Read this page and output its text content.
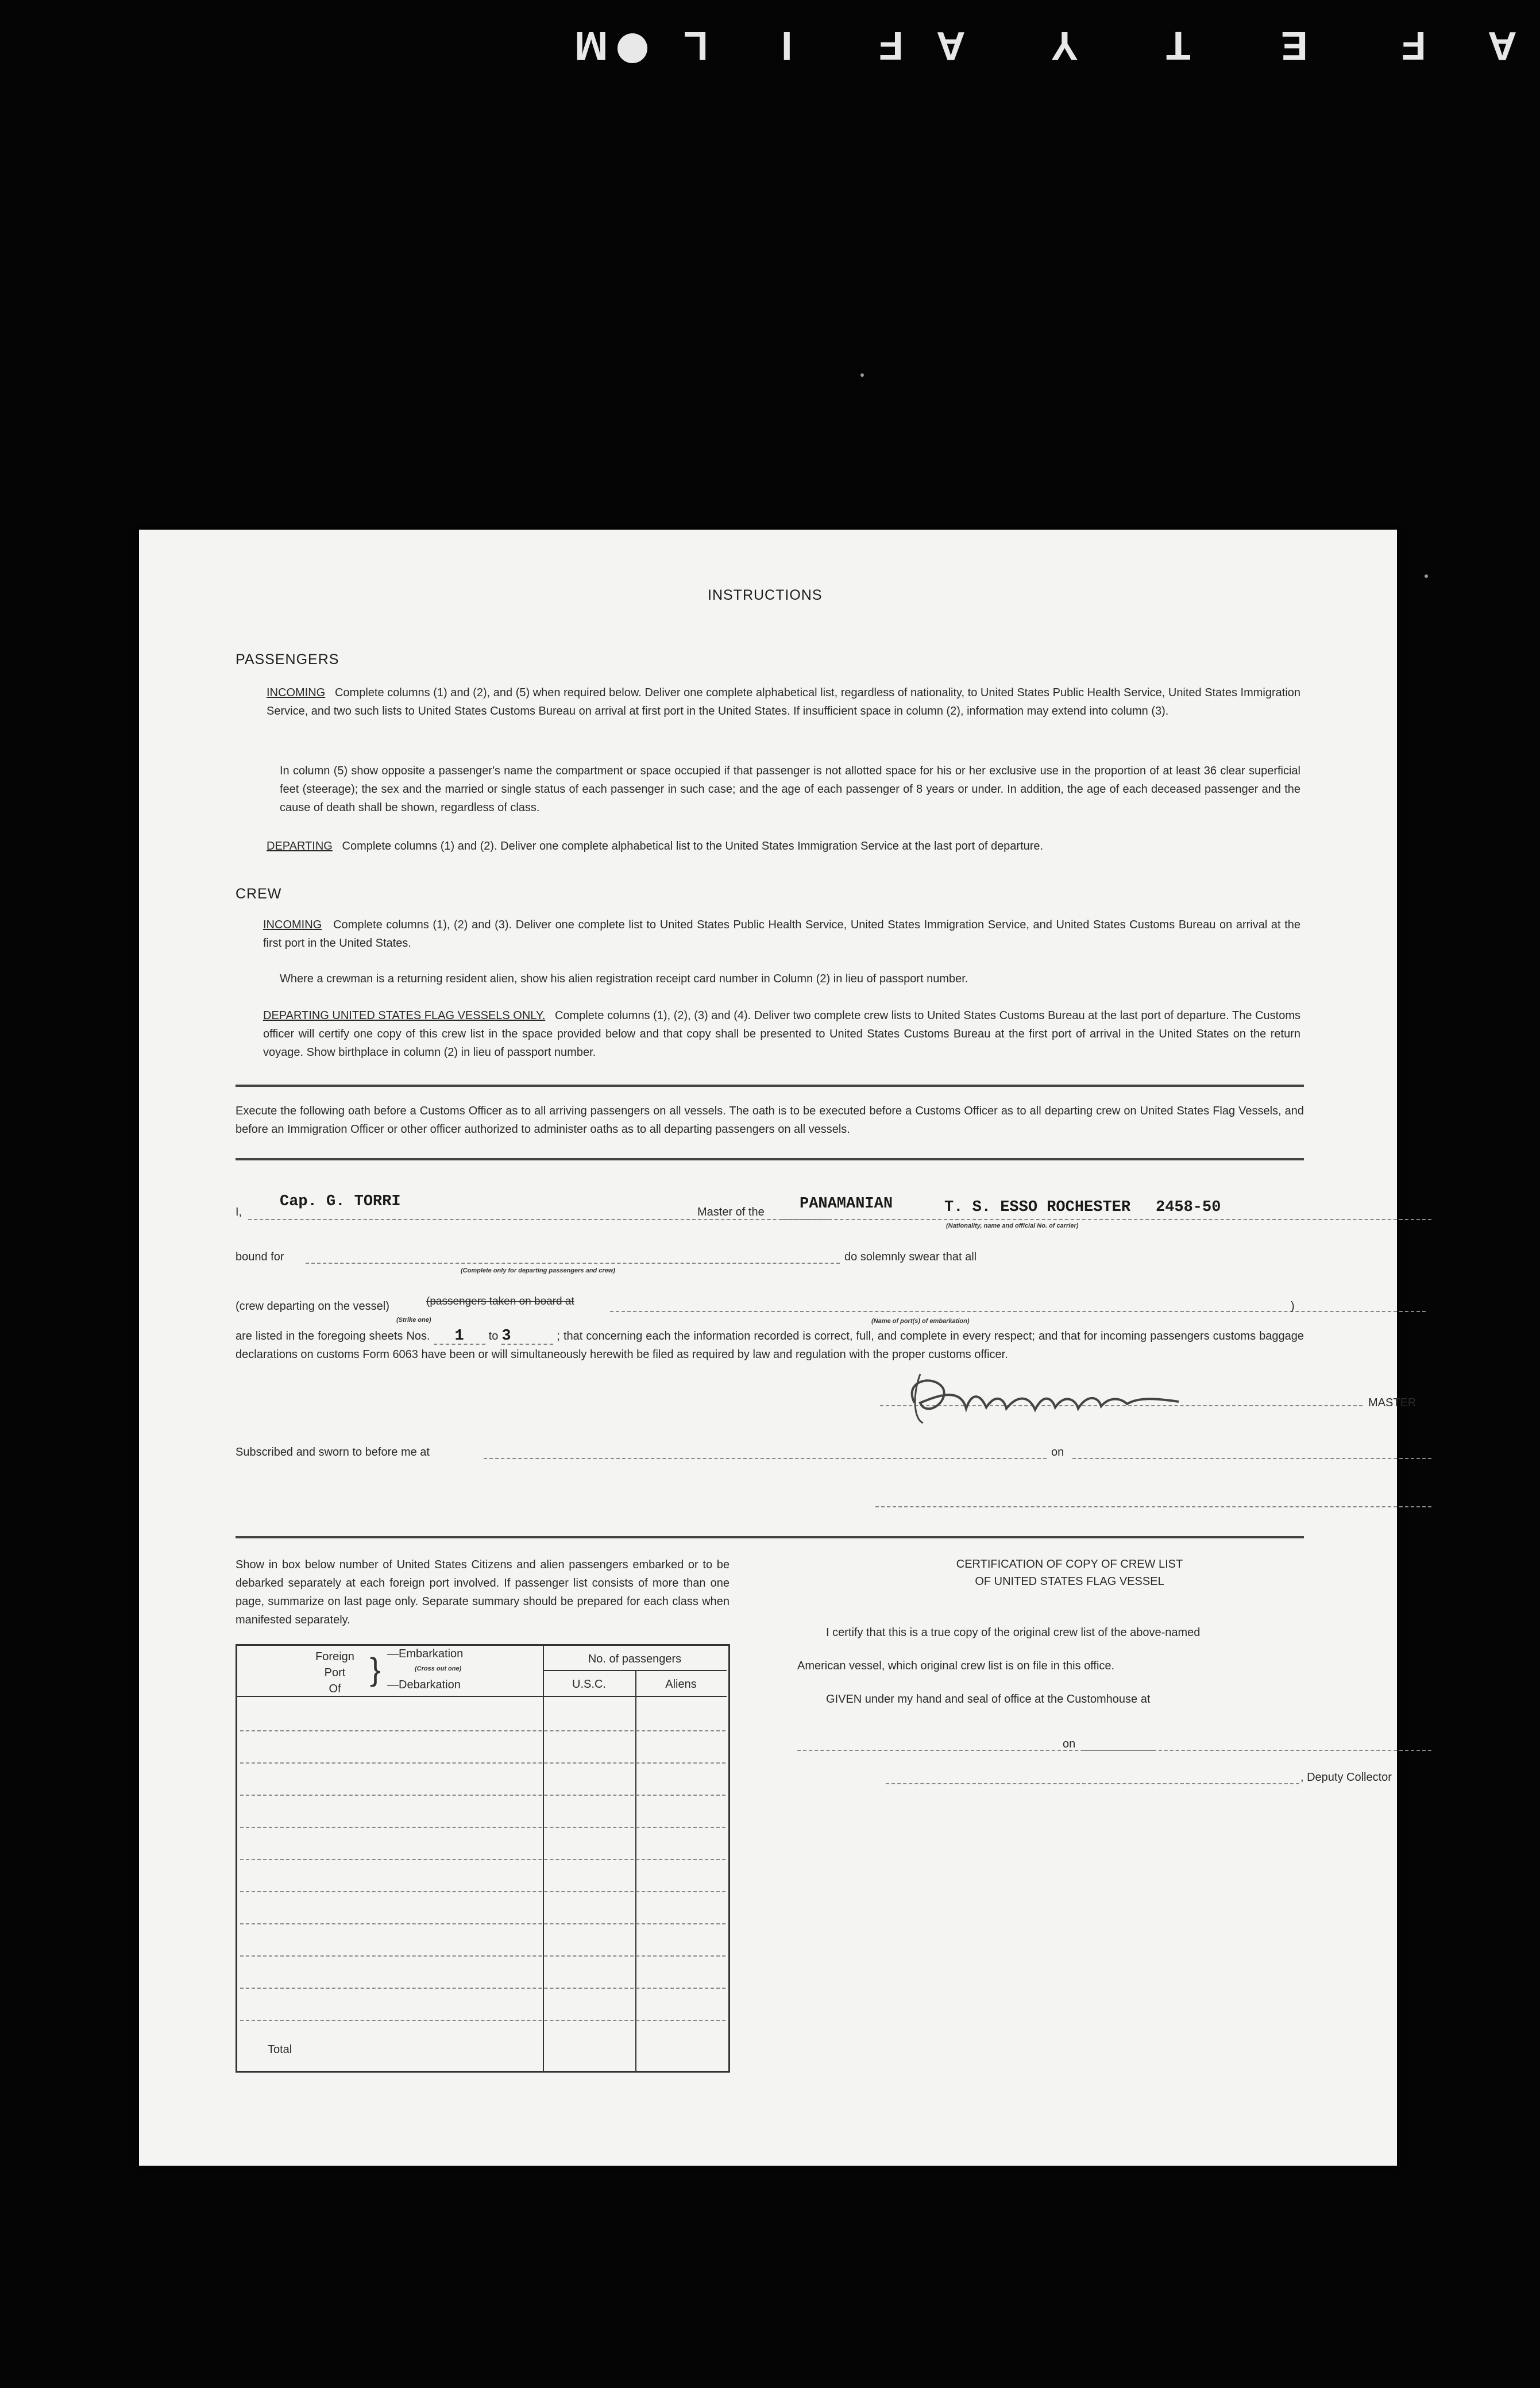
A
F
E
T
Y
A
F
I
L
M
INSTRUCTIONS
PASSENGERS
INCOMING Complete columns (1) and (2), and (5) when required below. Deliver one complete alphabetical list, regardless of nationality, to United States Public Health Service, United States Immigration Service, and two such lists to United States Customs Bureau on arrival at first port in the United States. If insufficient space in column (2), information may extend into column (3).
In column (5) show opposite a passenger's name the compartment or space occupied if that passenger is not allotted space for his or her exclusive use in the proportion of at least 36 clear superficial feet (steerage); the sex and the married or single status of each passenger in such case; and the age of each passenger of 8 years or under. In addition, the age of each deceased passenger and the cause of death shall be shown, regardless of class.
DEPARTING Complete columns (1) and (2). Deliver one complete alphabetical list to the United States Immigration Service at the last port of departure.
CREW
INCOMING Complete columns (1), (2) and (3). Deliver one complete list to United States Public Health Service, United States Immigration Service, and United States Customs Bureau on arrival at the first port in the United States.
Where a crewman is a returning resident alien, show his alien registration receipt card number in Column (2) in lieu of passport number.
DEPARTING UNITED STATES FLAG VESSELS ONLY. Complete columns (1), (2), (3) and (4). Deliver two complete crew lists to United States Customs Bureau at the last port of departure. The Customs officer will certify one copy of this crew list in the space provided below and that copy shall be presented to United States Customs Bureau at the first port of arrival in the United States on the return voyage. Show birthplace in column (2) in lieu of passport number.
Execute the following oath before a Customs Officer as to all arriving passengers on all vessels. The oath is to be executed before a Customs Officer as to all departing crew on United States Flag Vessels, and before an Immigration Officer or other officer authorized to administer oaths as to all departing passengers on all vessels.
I,
Cap. G. TORRI
Master of the PANAMANIAN	T. S. ESSO ROCHESTER 2458-50
(Nationality, name and official No. of carrier)
bound for
(Complete only for departing passengers and crew)
do solemnly swear that all
(crew departing on the vessel)	(passengers taken on board at
(Strike one)	(Name of port(s) of embarkation)
)
are listed in the foregoing sheets Nos. 1 to 3	; that concerning each the information recorded is correct, full, and complete in every respect; and that for incoming passengers customs baggage declarations on customs Form 6063 have been or will simultaneously herewith be filed as required by law and regulation with the proper customs officer.
MASTER
Subscribed and sworn to before me at	on
Show in box below number of United States Citizens and alien passengers embarked or to be debarked separately at each foreign port involved. If passenger list consists of more than one page, summarize on last page only. Separate summary should be prepared for each class when manifested separately.
Foreign
Port
Of
} —Embarkation
(Cross out one)
—Debarkation
No. of passengers
U.S.C.	Aliens
Total
CERTIFICATION OF COPY OF CREW LIST
OF UNITED STATES FLAG VESSEL
I certify that this is a true copy of the original crew list of the above-named
American vessel, which original crew list is on file in this office.
GIVEN under my hand and seal of office at the Customhouse at
on
, Deputy Collector
